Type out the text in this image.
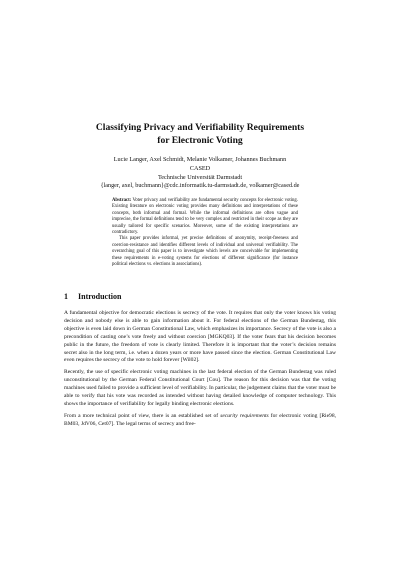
Classifying Privacy and Verifiability Requirements
for Electronic Voting
Lucie Langer, Axel Schmidt, Melanie Volkamer, Johannes Buchmann
CASED
Technische Universität Darmstadt
{langer, axel, buchmann}@cdc.informatik.tu-darmstadt.de, volkamer@cased.de

Abstract: Voter privacy and verifiability are fundamental security concepts for electronic voting. Existing literature on electronic voting provides many definitions and interpretations of these concepts, both informal and formal. While the informal definitions are often vague and imprecise, the formal definitions tend to be very complex and restricted in their scope as they are usually tailored for specific scenarios. Moreover, some of the existing interpretations are contradictory.

This paper provides informal, yet precise definitions of anonymity, receipt-freeness and coercion-resistance and identifies different levels of individual and universal verifiability. The overarching goal of this paper is to investigate which levels are conceivable for implementing these requirements in e-voting systems for elections of different significance (for instance political elections vs. elections in associations).

1 Introduction

A fundamental objective for democratic elections is secrecy of the vote. It requires that only the voter knows his voting decision and nobody else is able to gain information about it. For federal elections of the German Bundestag, this objective is even laid down in German Constitutional Law, which emphasizes its importance. Secrecy of the vote is also a precondition of casting one’s vote freely and without coercion [MGKQ03]. If the voter fears that his decision becomes public in the future, the freedom of vote is clearly limited. Therefore it is important that the voter’s decision remains secret also in the long term, i.e. when a dozen years or more have passed since the election. German Constitutional Law even requires the secrecy of the vote to hold forever [Wil02].

Recently, the use of specific electronic voting machines in the last federal election of the German Bundestag was ruled unconstitutional by the German Federal Constitutional Court [Cou]. The reason for this decision was that the voting machines used failed to provide a sufficient level of verifiability. In particular, the judgement claims that the voter must be able to verify that his vote was recorded as intended without having detailed knowledge of computer technology. This shows the importance of verifiability for legally binding electronic elections.

From a more technical point of view, there is an established set of security requirements for electronic voting [Rie98, BM03, JdV06, Cet07]. The legal terms of secrecy and free-
